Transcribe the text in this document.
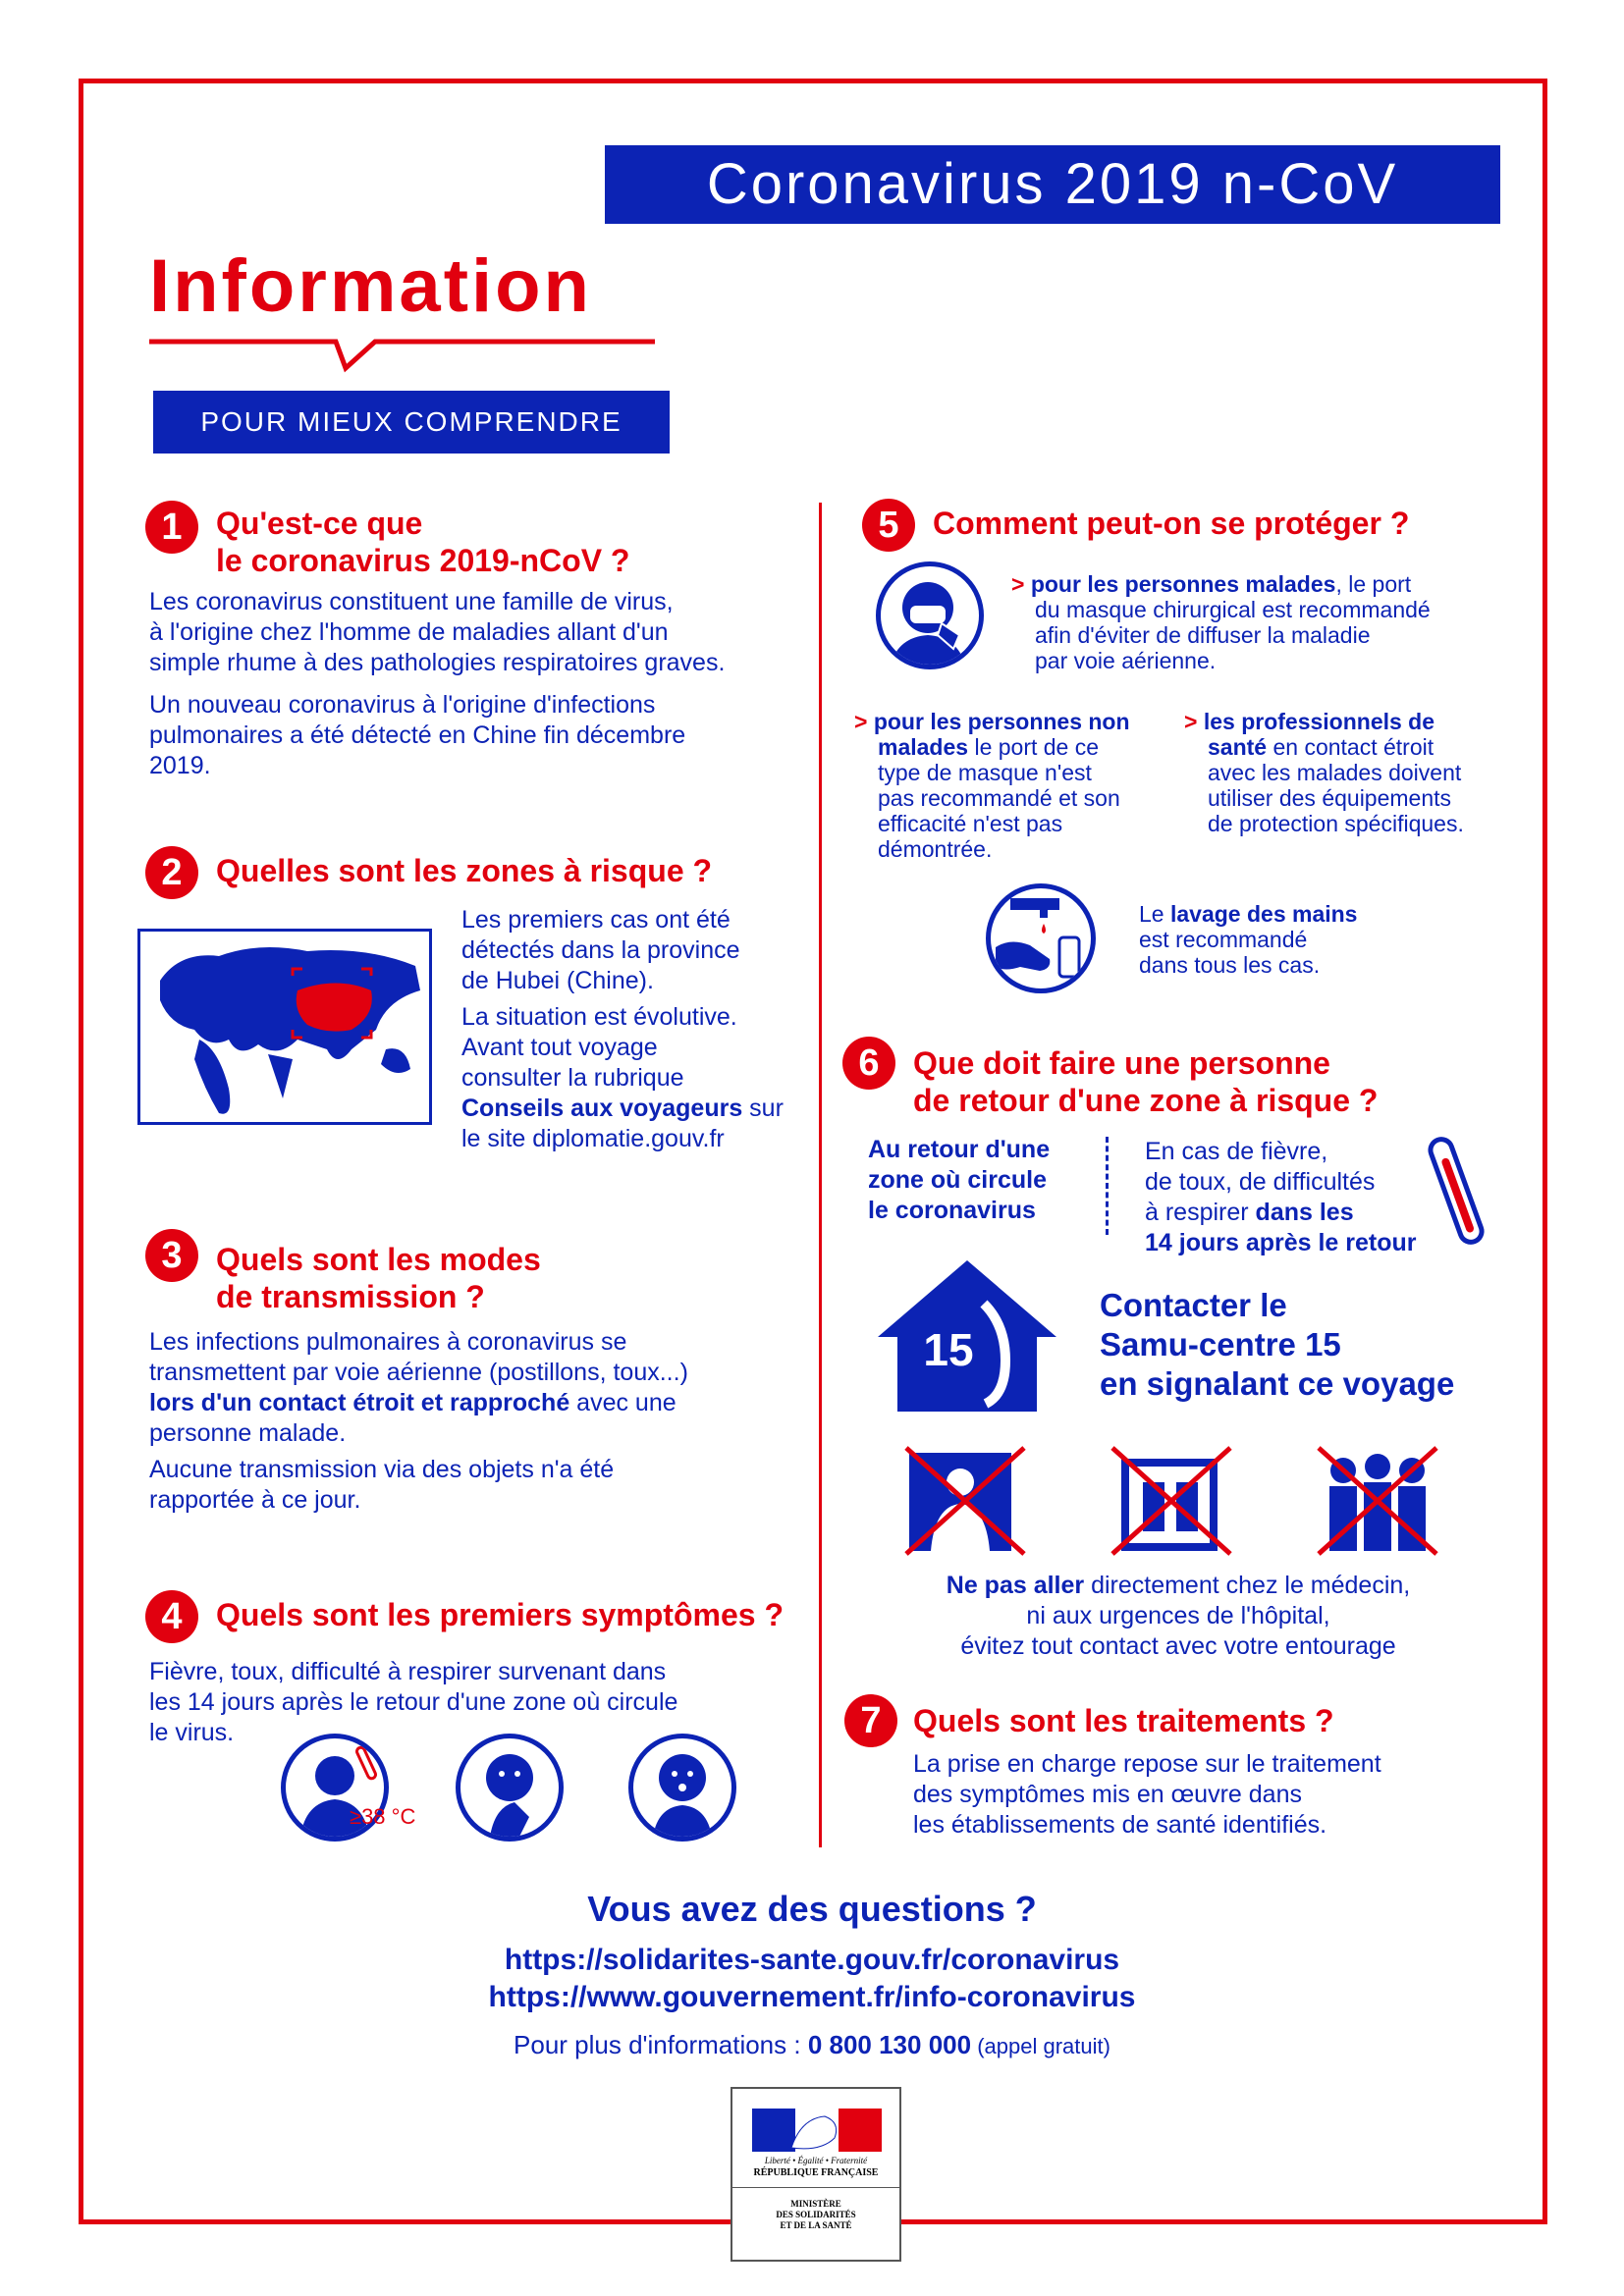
Coronavirus 2019 n-CoV
Information
POUR MIEUX COMPRENDRE
1	Qu'est-ce que
le coronavirus 2019-nCoV ?
Les coronavirus constituent une famille de virus,
à l'origine chez l'homme de maladies allant d'un
simple rhume à des pathologies respiratoires graves.
Un nouveau coronavirus à l'origine d'infections
pulmonaires a été détecté en Chine fin décembre
2019.
2	Quelles sont les zones à risque ?
Les premiers cas ont été
détectés dans la province
de Hubei (Chine).
La situation est évolutive.
Avant tout voyage
consulter la rubrique
Conseils aux voyageurs sur
le site diplomatie.gouv.fr
3	Quels sont les modes
de transmission ?
Les infections pulmonaires à coronavirus se
transmettent par voie aérienne (postillons, toux...)
lors d'un contact étroit et rapproché avec une
personne malade.
Aucune transmission via des objets n'a été
rapportée à ce jour.
4	Quels sont les premiers symptômes ?
Fièvre, toux, difficulté à respirer survenant dans
les 14 jours après le retour d'une zone où circule
le virus.
≥38 °C
5	Comment peut-on se protéger ?
> pour les personnes malades, le port
du masque chirurgical est recommandé
afin d'éviter de diffuser la maladie
par voie aérienne.
> pour les personnes non
malades le port de ce
type de masque n'est
pas recommandé et son
efficacité n'est pas
démontrée.
> les professionnels de
santé en contact étroit
avec les malades doivent
utiliser des équipements
de protection spécifiques.
Le lavage des mains
est recommandé
dans tous les cas.
6	Que doit faire une personne
de retour d'une zone à risque ?
Au retour d'une
zone où circule
le coronavirus
En cas de fièvre,
de toux, de difficultés
à respirer dans les
14 jours après le retour
15
Contacter le
Samu-centre 15
en signalant ce voyage
Ne pas aller directement chez le médecin,
ni aux urgences de l'hôpital,
évitez tout contact avec votre entourage
7	Quels sont les traitements ?
La prise en charge repose sur le traitement
des symptômes mis en œuvre dans
les établissements de santé identifiés.
Vous avez des questions ?
https://solidarites-sante.gouv.fr/coronavirus
https://www.gouvernement.fr/info-coronavirus
Pour plus d'informations : 0 800 130 000 (appel gratuit)
Liberté • Égalité • Fraternité
RÉPUBLIQUE FRANÇAISE
MINISTÈRE
DES SOLIDARITÉS
ET DE LA SANTÉ
